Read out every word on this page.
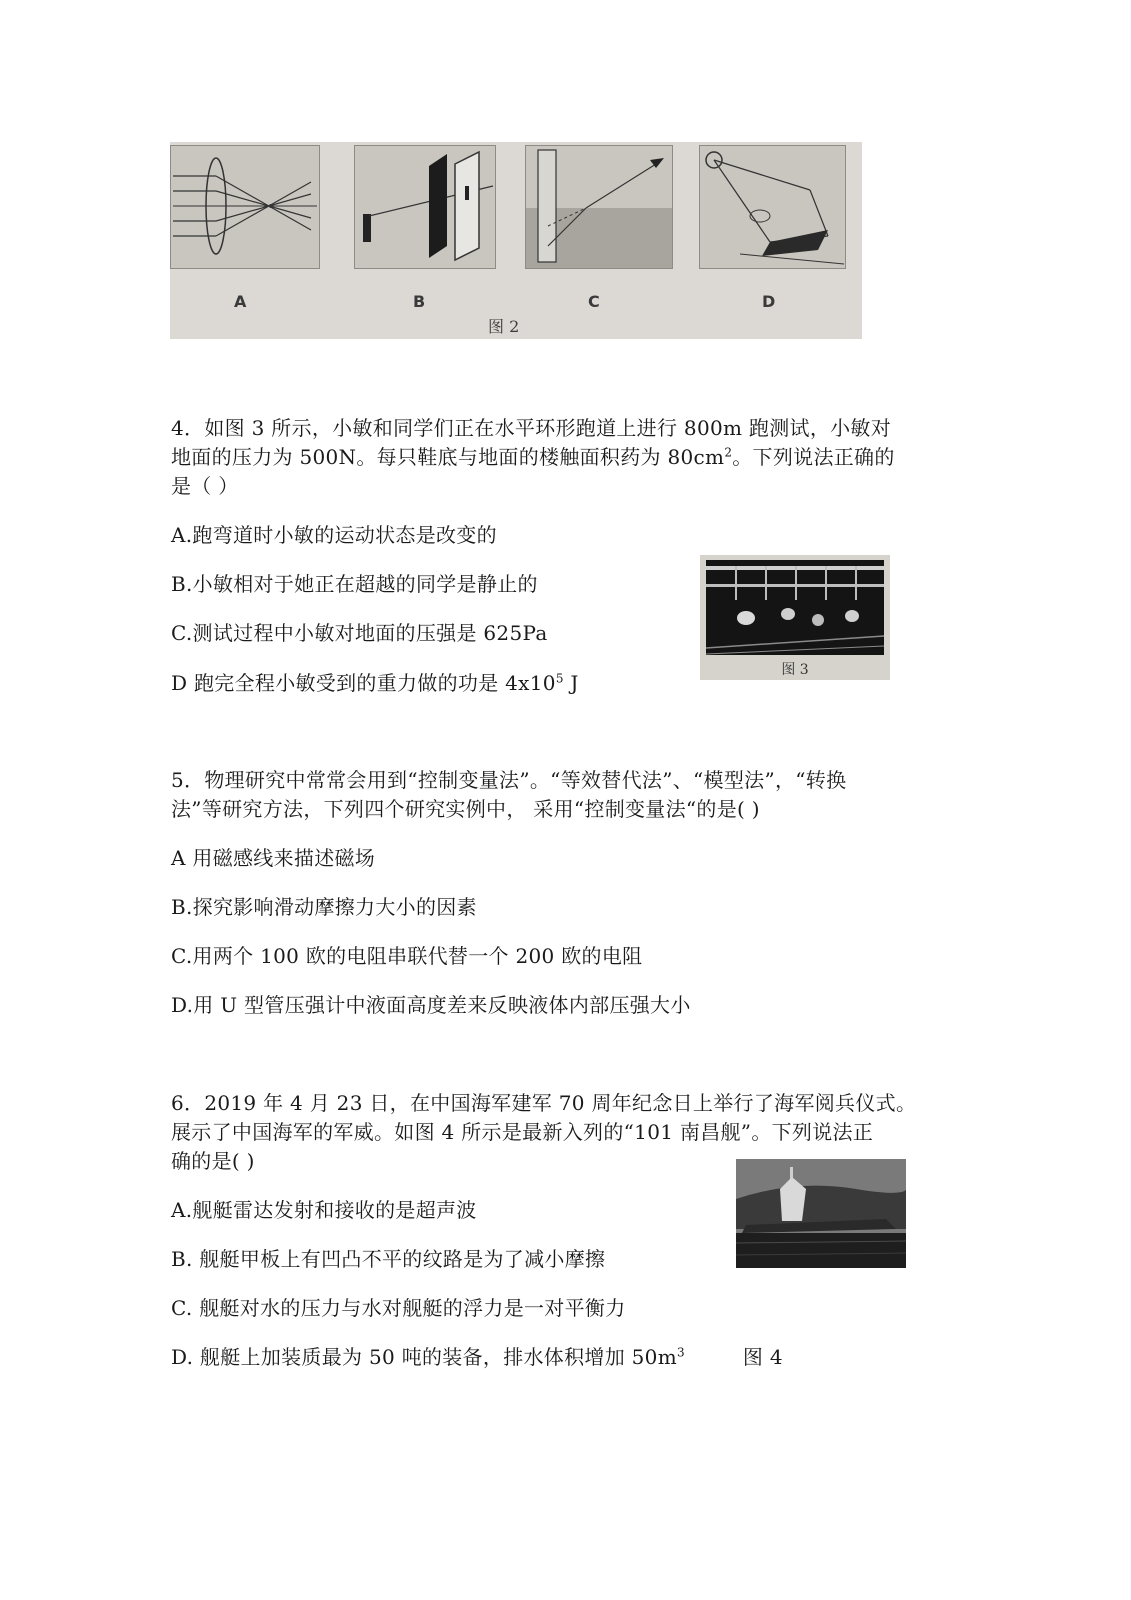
A	B	C	D
图 2
4．如图 3 所示，小敏和同学们正在水平环形跑道上进行 800m 跑测试，小敏对
地面的压力为 500N。每只鞋底与地面的楼触面积药为 $80cm^2$。下列说法正确的
是（ ）
A.跑弯道时小敏的运动状态是改变的
B.小敏相对于她正在超越的同学是静止的
C.测试过程中小敏对地面的压强是 625Pa
D 跑完全程小敏受到的重力做的功是 $4x10^5$ J
图 3
5．物理研究中常常会用到“控制变量法”。“等效替代法”、“模型法”，“转换
法”等研究方法，下列四个研究实例中， 采用“控制变量法“的是( )
A 用磁感线来描述磁场
B.探究影响滑动摩擦力大小的因素
C.用两个 100 欧的电阻串联代替一个 200 欧的电阻
D.用 U 型管压强计中液面高度差来反映液体内部压强大小
6．2019 年 4 月 23 日，在中国海军建军 70 周年纪念日上举行了海军阅兵仪式。
展示了中国海军的军威。如图 4 所示是最新入列的“101 南昌舰”。下列说法正
确的是( )
A.舰艇雷达发射和接收的是超声波
B. 舰艇甲板上有凹凸不平的纹路是为了减小摩擦
C. 舰艇对水的压力与水对舰艇的浮力是一对平衡力
D. 舰艇上加装质最为 50 吨的装备，排水体积增加 $50m^3$	图 4
